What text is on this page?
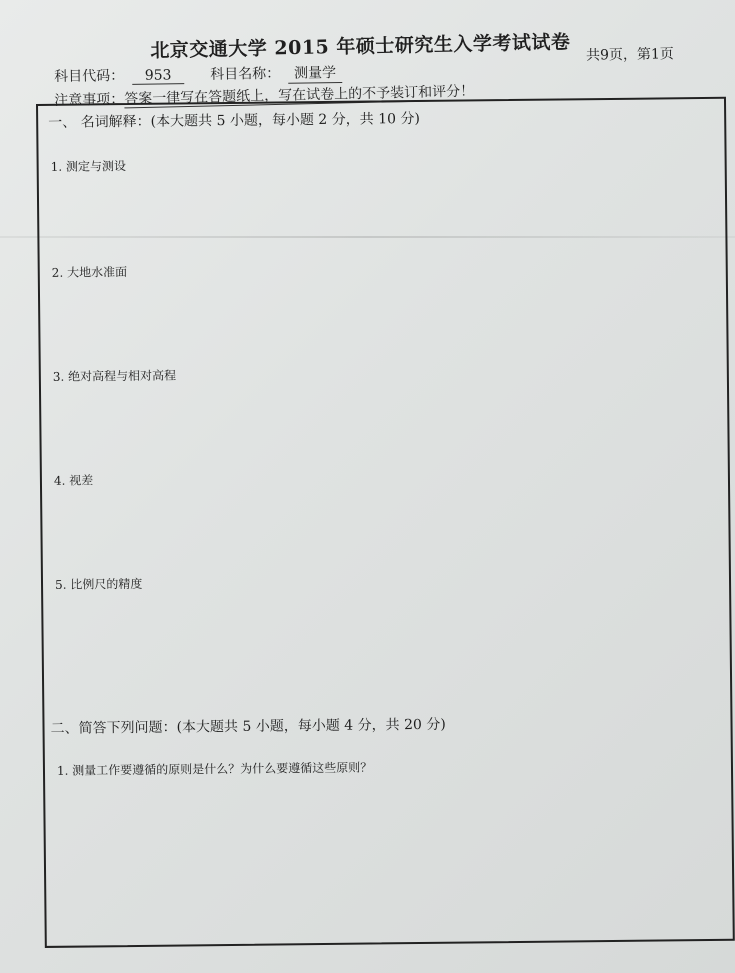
北京交通大学 2015 年硕士研究生入学考试试卷 共9页，第1页
科目代码：	953	科目名称： 测量学
注意事项：答案一律写在答题纸上，写在试卷上的不予装订和评分！
一、 名词解释：(本大题共 5 小题，每小题 2 分，共 10 分)
1. 测定与测设
2. 大地水准面
3. 绝对高程与相对高程
4. 视差
5. 比例尺的精度
二、简答下列问题：(本大题共 5 小题，每小题 4 分，共 20 分)
1. 测量工作要遵循的原则是什么？为什么要遵循这些原则？
